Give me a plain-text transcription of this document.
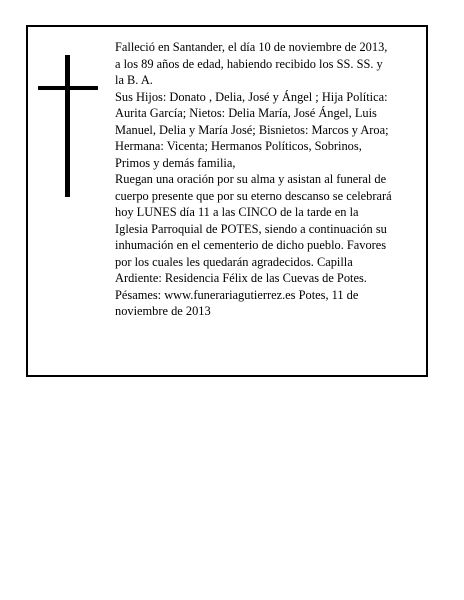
Falleció en Santander, el día 10 de noviembre de 2013,
a los 89 años de edad, habiendo recibido los SS. SS. y
la B. A.
Sus Hijos: Donato , Delia, José y Ángel ; Hija Política:
Aurita García; Nietos: Delia María, José Ángel, Luis
Manuel, Delia y María José; Bisnietos: Marcos y Aroa;
Hermana: Vicenta; Hermanos Políticos, Sobrinos,
Primos y demás familia,
Ruegan una oración por su alma y asistan al funeral de
cuerpo presente que por su eterno descanso se celebrará
hoy LUNES día 11 a las CINCO de la tarde en la
Iglesia Parroquial de POTES, siendo a continuación su
inhumación en el cementerio de dicho pueblo. Favores
por los cuales les quedarán agradecidos. Capilla
Ardiente: Residencia Félix de las Cuevas de Potes.
Pésames: www.funerariagutierrez.es Potes, 11 de
noviembre de 2013
